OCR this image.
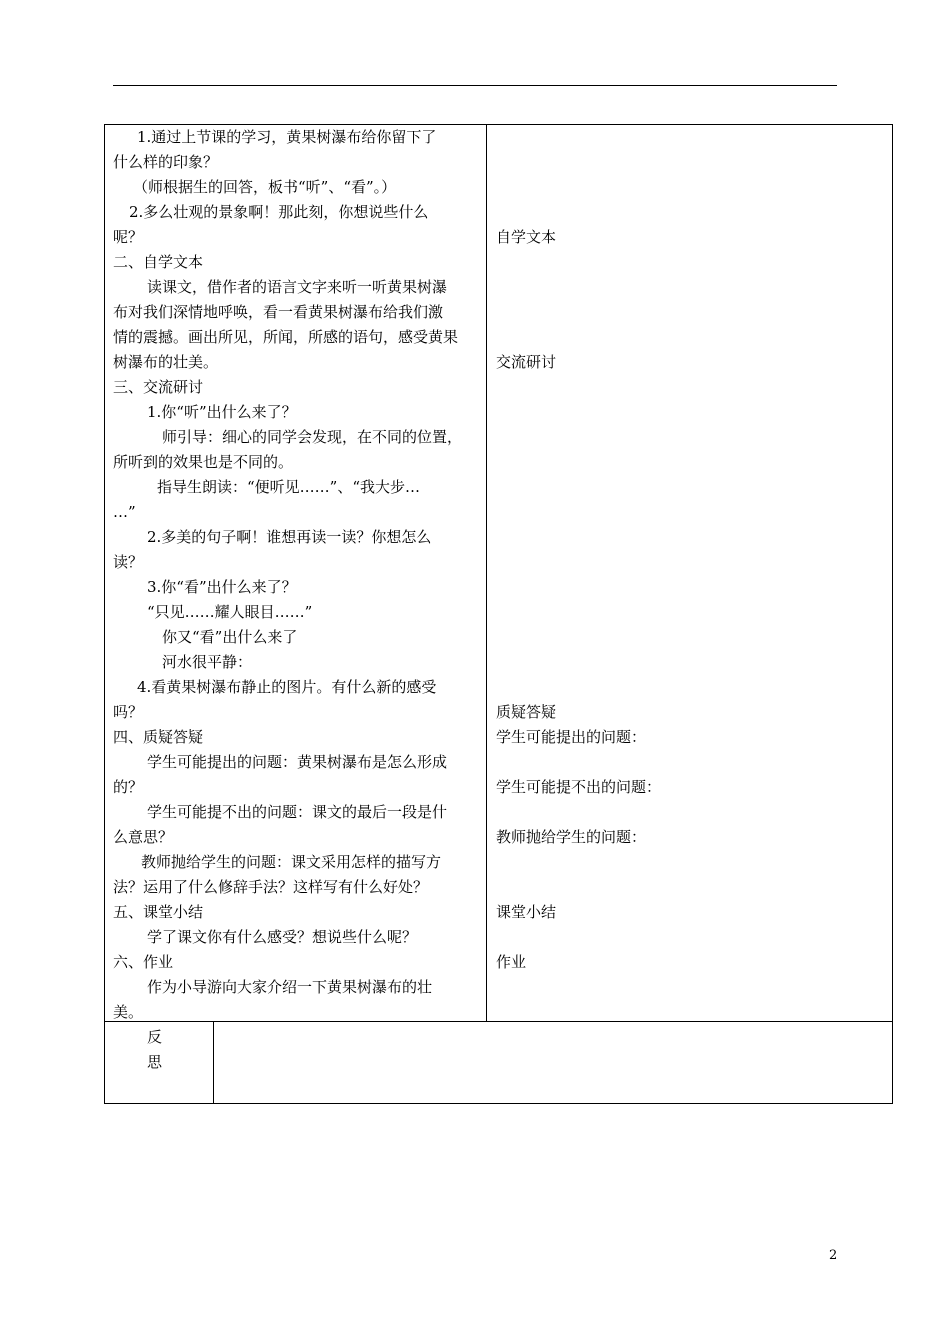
1.通过上节课的学习，黄果树瀑布给你留下了
什么样的印象？
（师根据生的回答，板书“听”、“看”。）
2.多么壮观的景象啊！那此刻，你想说些什么
呢？
二、自学文本
读课文，借作者的语言文字来听一听黄果树瀑
布对我们深情地呼唤，看一看黄果树瀑布给我们激
情的震撼。画出所见，所闻，所感的语句，感受黄果
树瀑布的壮美。
三、交流研讨
1.你“听”出什么来了？
师引导：细心的同学会发现，在不同的位置，
所听到的效果也是不同的。
指导生朗读：“便听见……”、“我大步…
…”
2.多美的句子啊！谁想再读一读？你想怎么
读？
3.你“看”出什么来了？
“只见……耀人眼目……”
你又“看”出什么来了
河水很平静：
4.看黄果树瀑布静止的图片。有什么新的感受
吗？
四、质疑答疑
学生可能提出的问题：黄果树瀑布是怎么形成
的？
学生可能提不出的问题：课文的最后一段是什
么意思？
教师抛给学生的问题：课文采用怎样的描写方
法？运用了什么修辞手法？这样写有什么好处？
五、课堂小结
学了课文你有什么感受？想说些什么呢？
六、作业
作为小导游向大家介绍一下黄果树瀑布的壮
美。
自学文本
交流研讨
质疑答疑
学生可能提出的问题：
学生可能提不出的问题：
教师抛给学生的问题：
课堂小结
作业
反
思
2
